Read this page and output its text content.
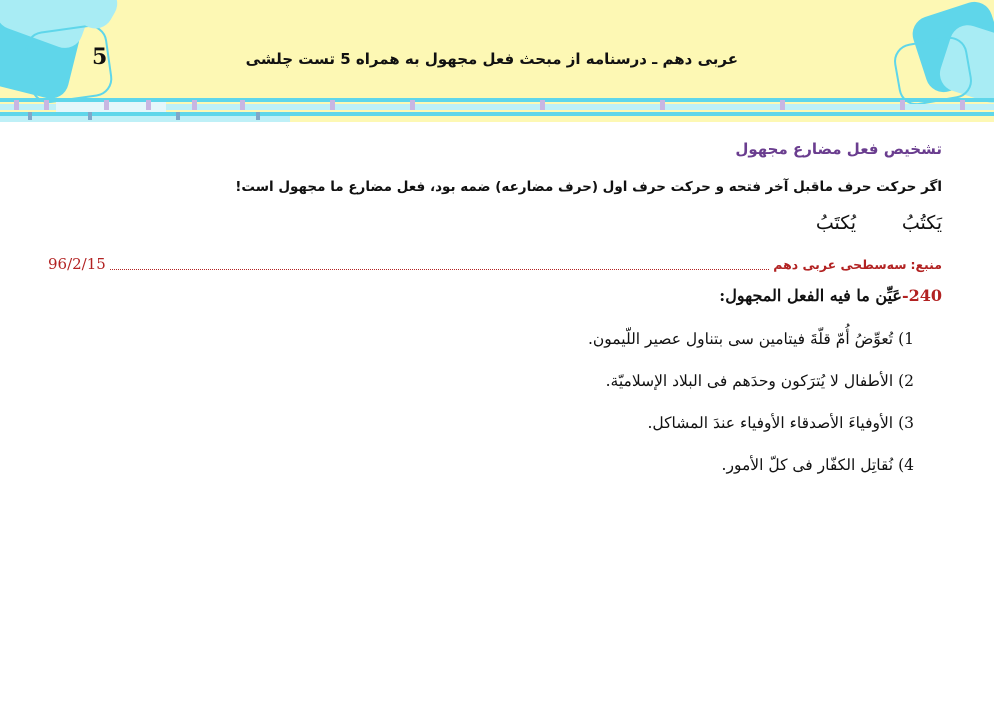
5	عربی دهم ـ درسنامه از مبحث فعل مجهول به همراه 5 تست چلشی
تشخیص فعل مضارع مجهول
اگر حرکت حرف ماقبل آخر فتحه و حرکت حرف اول (حرف مضارعه) ضمه بود، فعل مضارع ما مجهول است!
يَكتُبُ
يُكتَبُ
منبع:
سه‌سطحی عربی دهم
96/2/15
240-عَيِّن ما فيه الفعل المجهول:
1) تُعوِّضُ أُمّ قلّةَ فيتامين سی بتناول عصير اللّيمون.
2) الأطفال لا يُترَكون وحدَهم فی البلاد الإسلاميّة.
3) الأوفياءَ الأصدقاء الأوفياء عندَ المشاكل.
4) نُقاتِل الكفّار فی كلّ الأمور.
